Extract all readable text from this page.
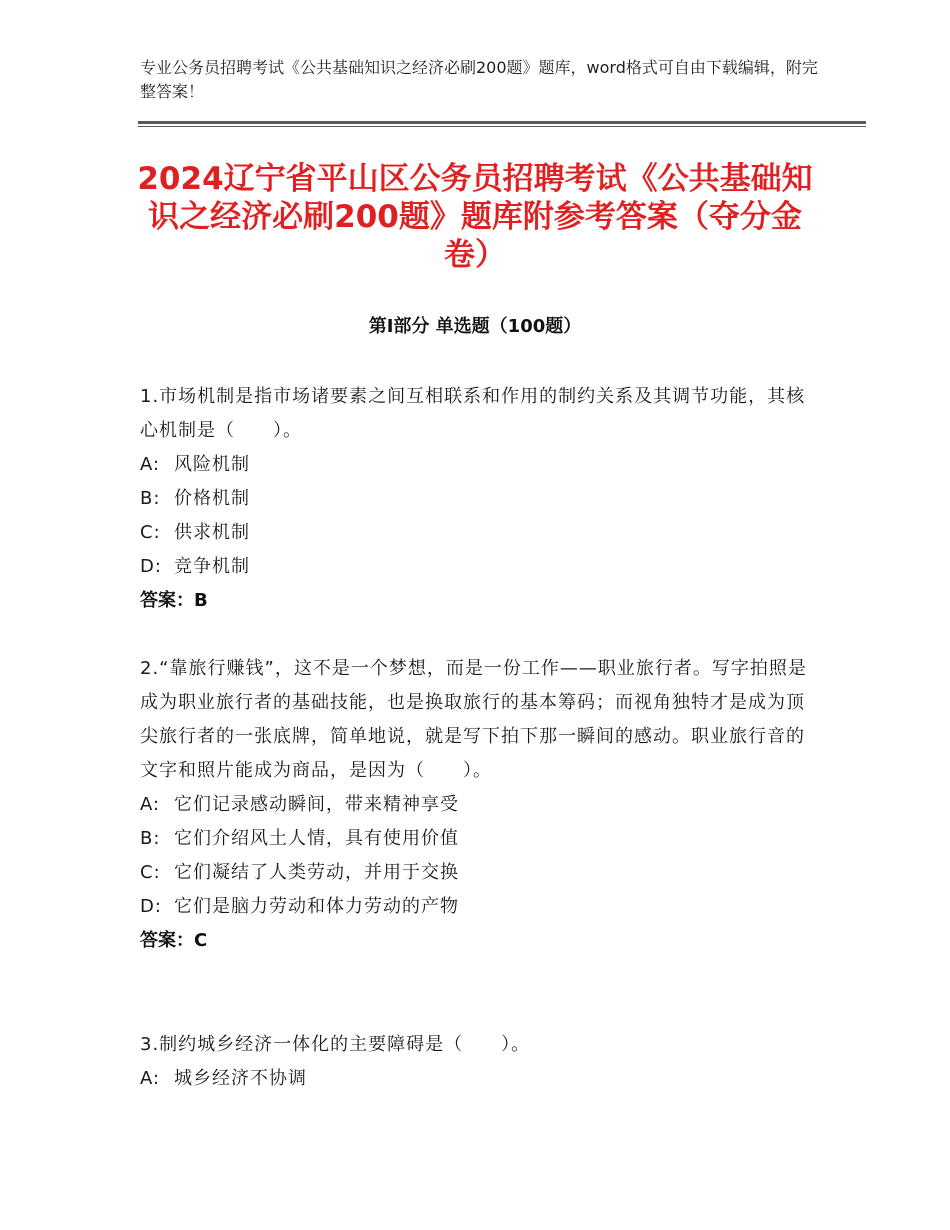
专业公务员招聘考试《公共基础知识之经济必刷200题》题库，word格式可自由下载编辑，附完整答案！
2024辽宁省平山区公务员招聘考试《公共基础知识之经济必刷200题》题库附参考答案（夺分金卷）
第Ⅰ部分 单选题（100题）

1.市场机制是指市场诸要素之间互相联系和作用的制约关系及其调节功能，其核心机制是（　　）。

A: 风险机制

B: 价格机制

C: 供求机制

D: 竞争机制

答案：B

2.“靠旅行赚钱”，这不是一个梦想，而是一份工作——职业旅行者。写字拍照是成为职业旅行者的基础技能，也是换取旅行的基本筹码；而视角独特才是成为顶尖旅行者的一张底牌，简单地说，就是写下拍下那一瞬间的感动。职业旅行音的文字和照片能成为商品，是因为（　　）。

A: 它们记录感动瞬间，带来精神享受

B: 它们介绍风土人情，具有使用价值

C: 它们凝结了人类劳动，并用于交换

D: 它们是脑力劳动和体力劳动的产物

答案：C

3.制约城乡经济一体化的主要障碍是（　　）。

A: 城乡经济不协调
